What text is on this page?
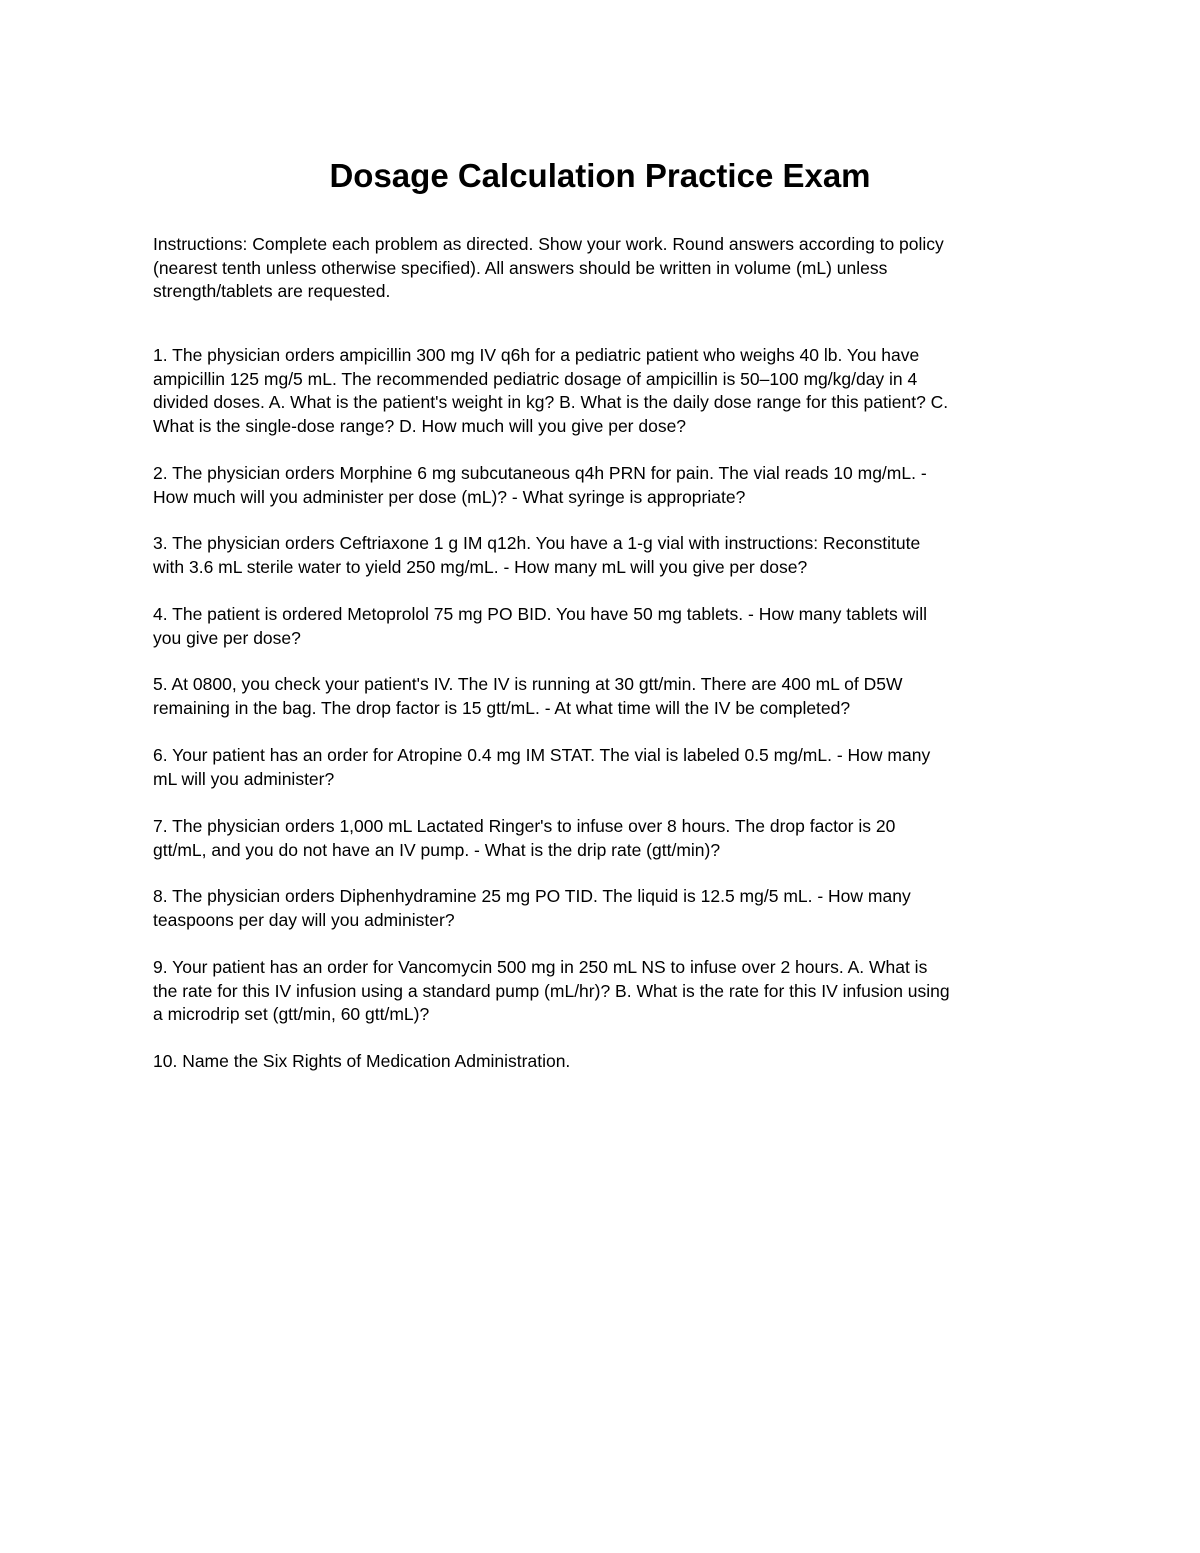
Dosage Calculation Practice Exam

Instructions: Complete each problem as directed. Show your work. Round answers according to policy
(nearest tenth unless otherwise specified). All answers should be written in volume (mL) unless
strength/tablets are requested.

1. The physician orders ampicillin 300 mg IV q6h for a pediatric patient who weighs 40 lb. You have
ampicillin 125 mg/5 mL. The recommended pediatric dosage of ampicillin is 50–100 mg/kg/day in 4
divided doses. A. What is the patient's weight in kg? B. What is the daily dose range for this patient? C.
What is the single-dose range? D. How much will you give per dose?

2. The physician orders Morphine 6 mg subcutaneous q4h PRN for pain. The vial reads 10 mg/mL. -
How much will you administer per dose (mL)? - What syringe is appropriate?

3. The physician orders Ceftriaxone 1 g IM q12h. You have a 1-g vial with instructions: Reconstitute
with 3.6 mL sterile water to yield 250 mg/mL. - How many mL will you give per dose?

4. The patient is ordered Metoprolol 75 mg PO BID. You have 50 mg tablets. - How many tablets will
you give per dose?

5. At 0800, you check your patient's IV. The IV is running at 30 gtt/min. There are 400 mL of D5W
remaining in the bag. The drop factor is 15 gtt/mL. - At what time will the IV be completed?

6. Your patient has an order for Atropine 0.4 mg IM STAT. The vial is labeled 0.5 mg/mL. - How many
mL will you administer?

7. The physician orders 1,000 mL Lactated Ringer's to infuse over 8 hours. The drop factor is 20
gtt/mL, and you do not have an IV pump. - What is the drip rate (gtt/min)?

8. The physician orders Diphenhydramine 25 mg PO TID. The liquid is 12.5 mg/5 mL. - How many
teaspoons per day will you administer?

9. Your patient has an order for Vancomycin 500 mg in 250 mL NS to infuse over 2 hours. A. What is
the rate for this IV infusion using a standard pump (mL/hr)? B. What is the rate for this IV infusion using
a microdrip set (gtt/min, 60 gtt/mL)?

10. Name the Six Rights of Medication Administration.
